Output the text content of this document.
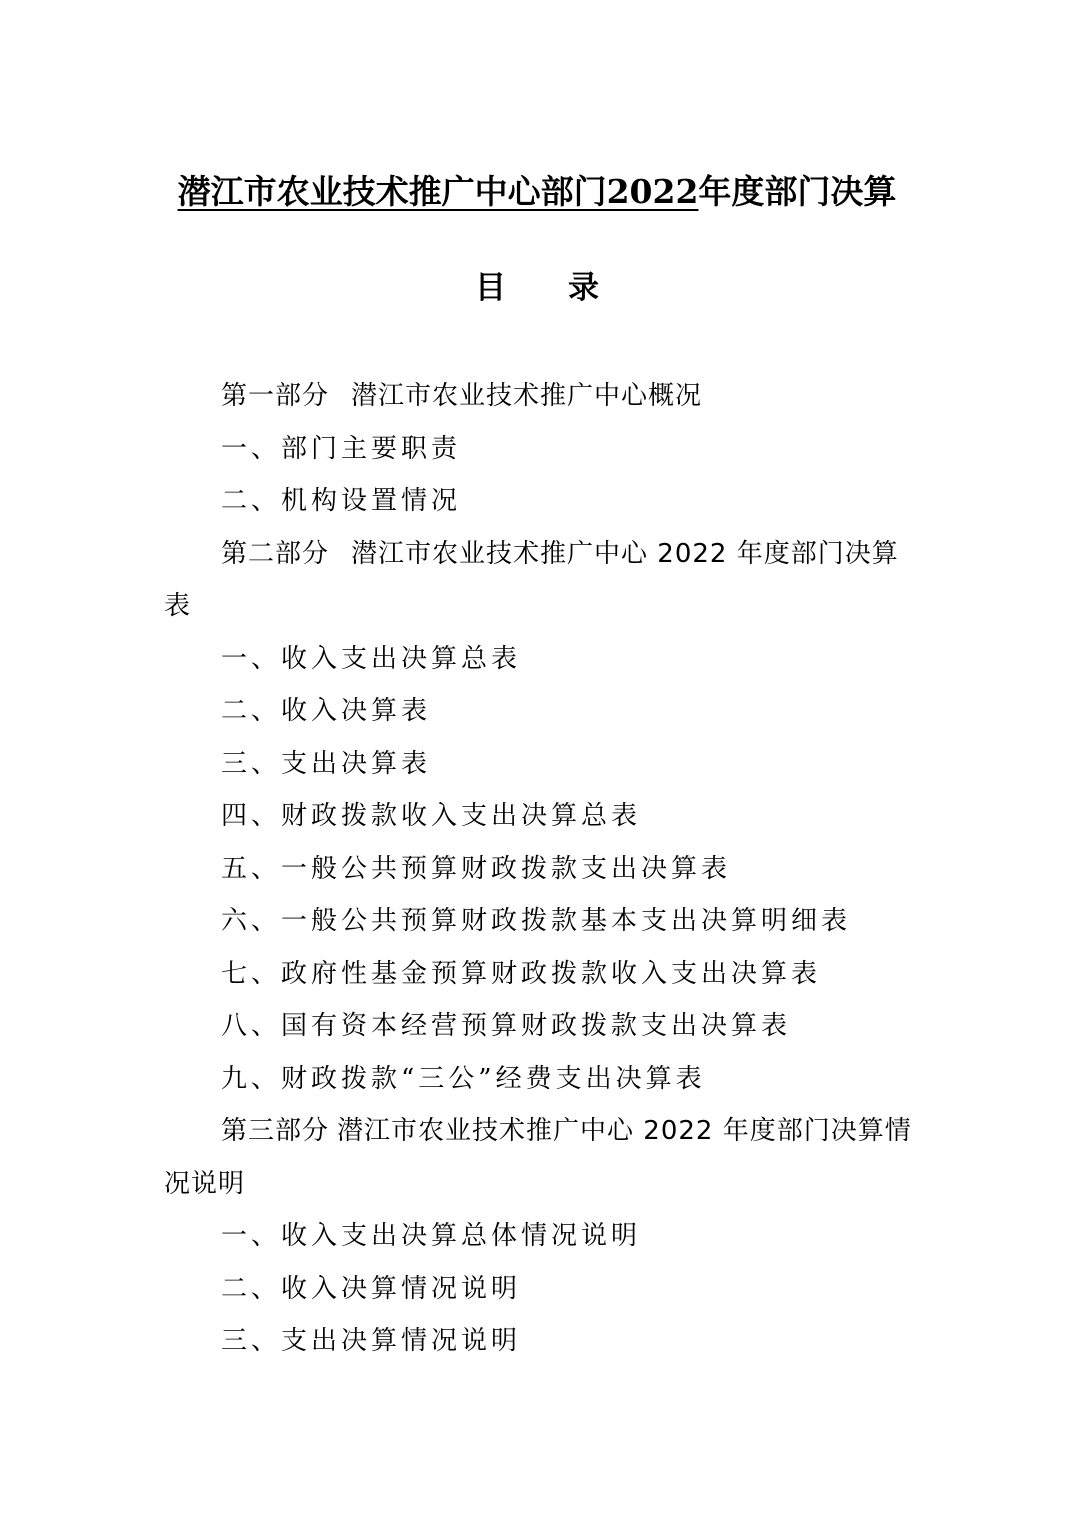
潜江市农业技术推广中心部门2022年度部门决算
目 录
第一部分 潜江市农业技术推广中心概况
一、部门主要职责
二、机构设置情况
第二部分 潜江市农业技术推广中心 2022 年度部门决算表
一、收入支出决算总表
二、收入决算表
三、支出决算表
四、财政拨款收入支出决算总表
五、一般公共预算财政拨款支出决算表
六、一般公共预算财政拨款基本支出决算明细表
七、政府性基金预算财政拨款收入支出决算表
八、国有资本经营预算财政拨款支出决算表
九、财政拨款“三公”经费支出决算表
第三部分 潜江市农业技术推广中心 2022 年度部门决算情况说明
一、收入支出决算总体情况说明
二、收入决算情况说明
三、支出决算情况说明
